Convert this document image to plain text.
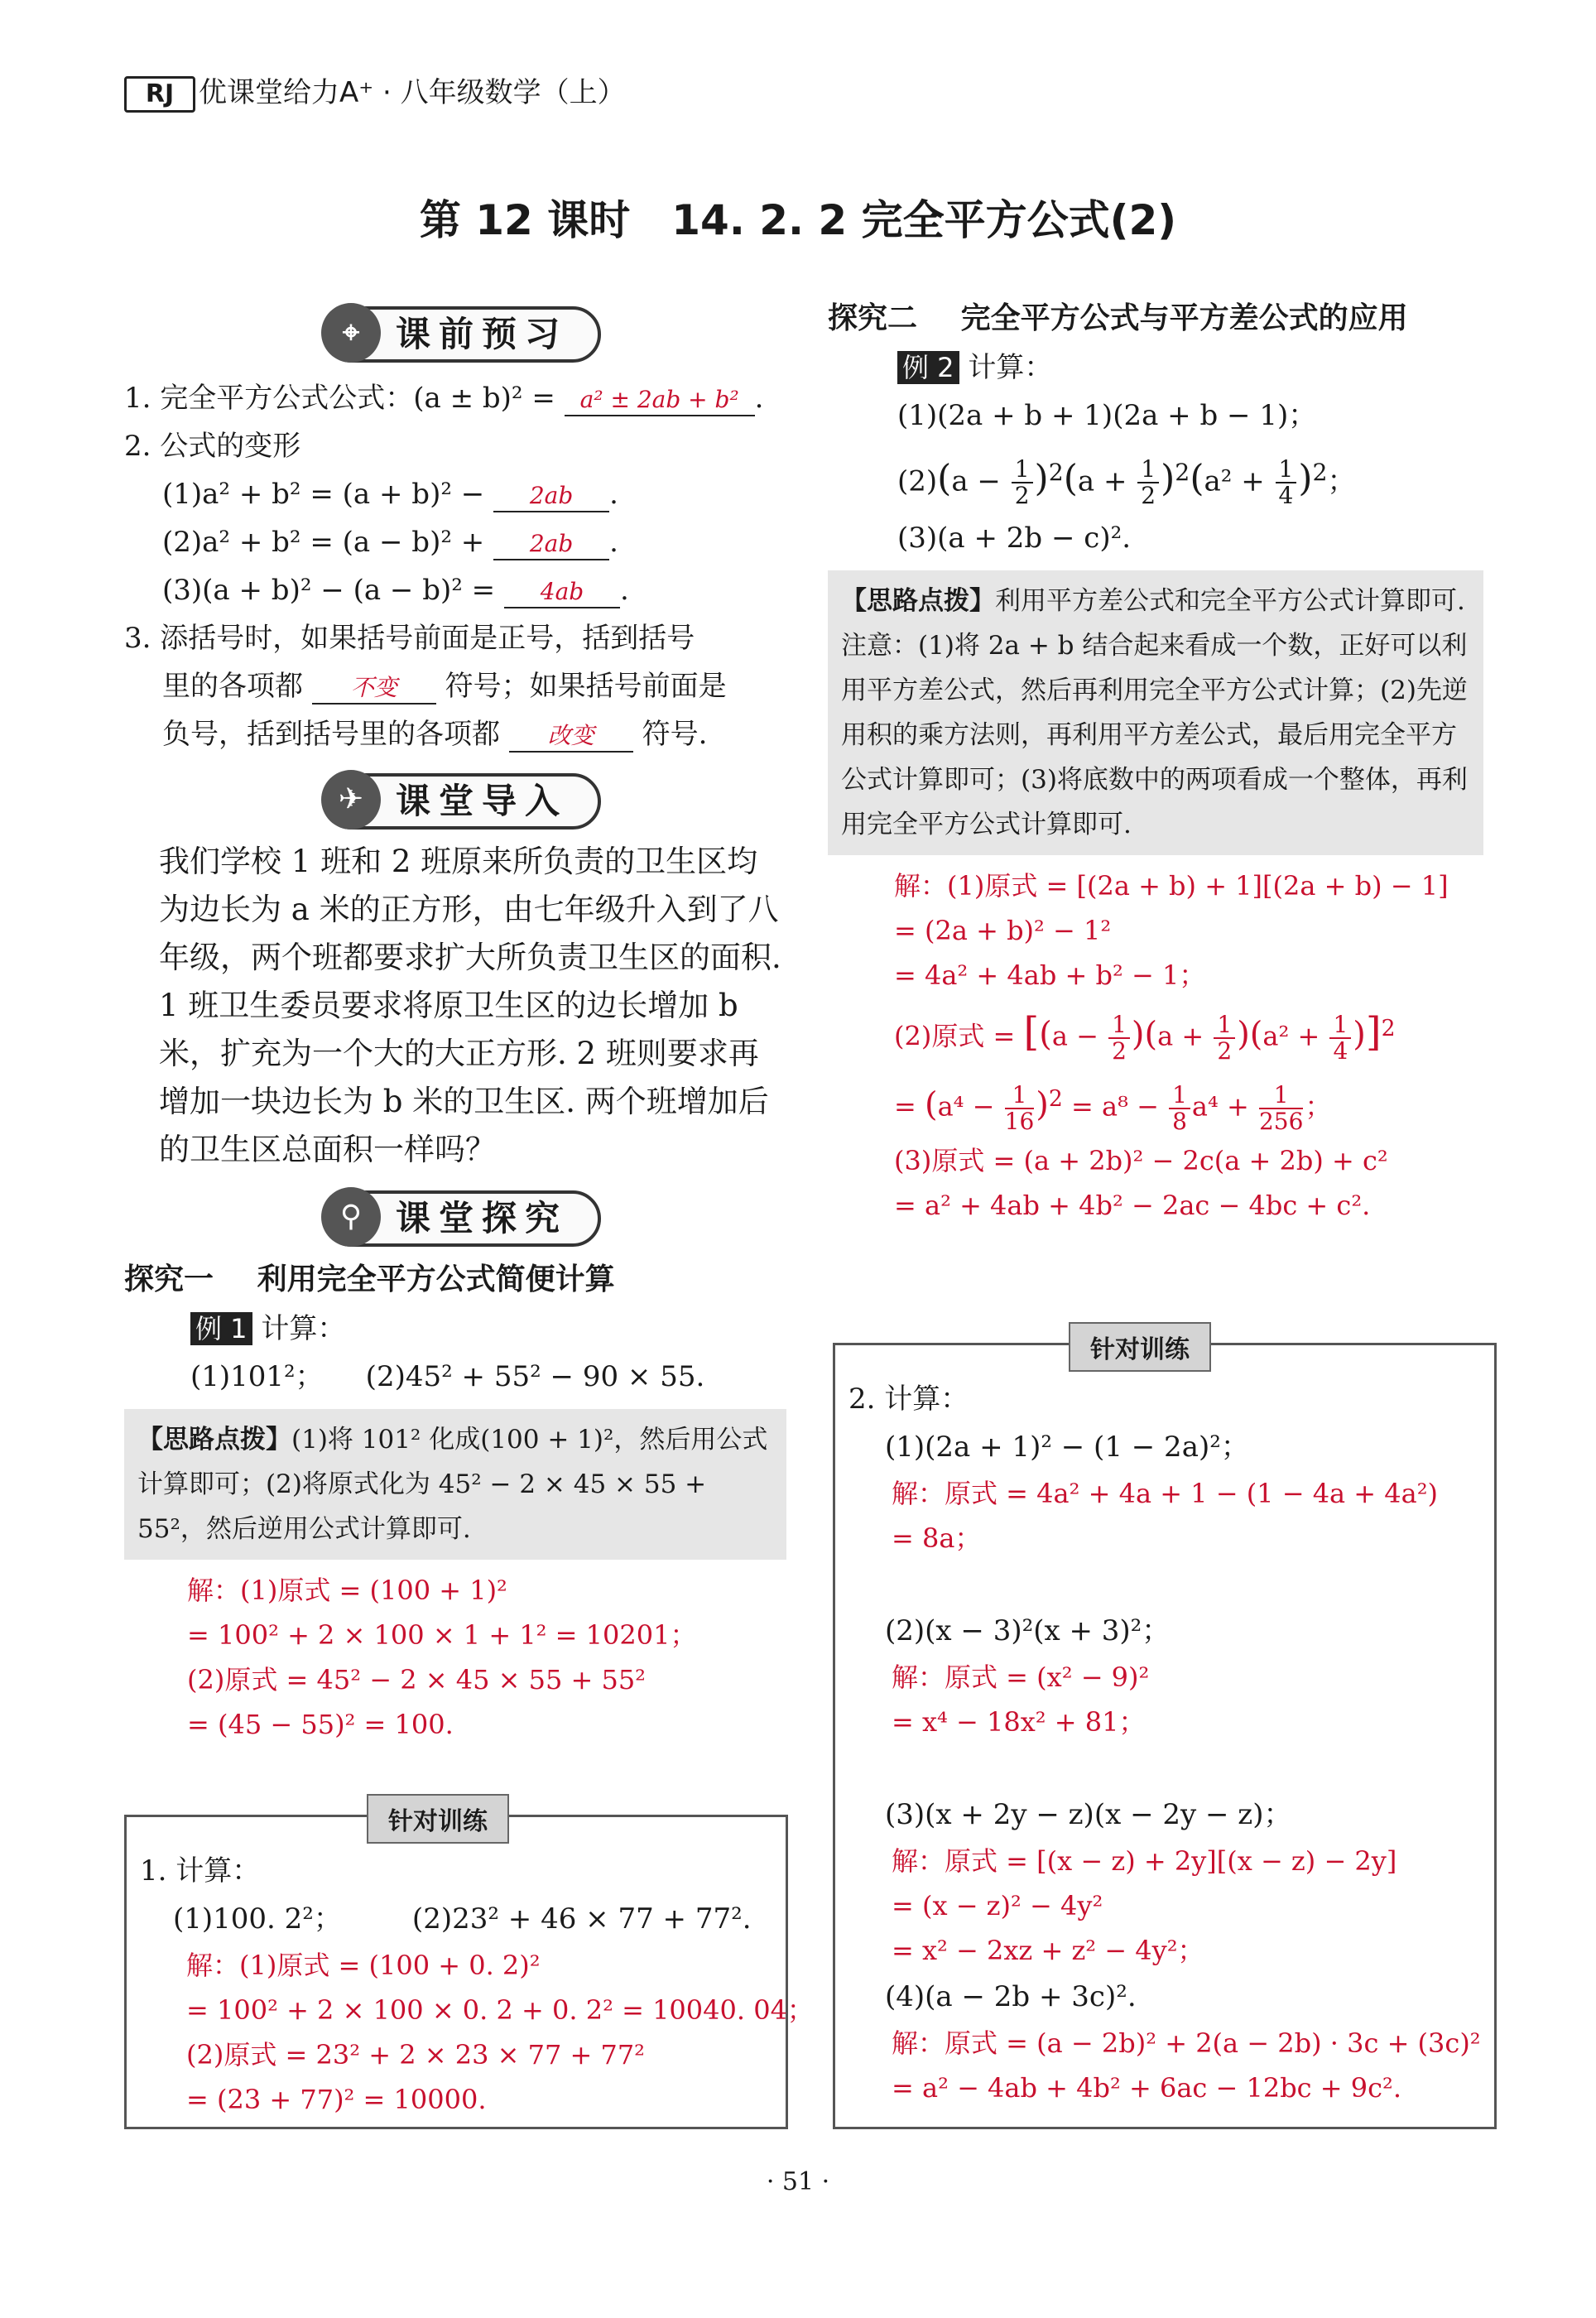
RJ 优课堂给力A⁺ · 八年级数学（上）
第 12 课时　14. 2. 2 完全平方公式(2)
⌖	课前预习
1. 完全平方公式公式：(a ± b)² = a² ± 2ab + b² .
2. 公式的变形
(1)a² + b² = (a + b)² − 2ab .
(2)a² + b² = (a − b)² + 2ab .
(3)(a + b)² − (a − b)² = 4ab .
3. 添括号时，如果括号前面是正号，括到括号
里的各项都 不变 符号；如果括号前面是
负号，括到括号里的各项都 改变 符号.
✈ 课堂导入
我们学校 1 班和 2 班原来所负责的卫生区均为边长为 a 米的正方形，由七年级升入到了八年级，两个班都要求扩大所负责卫生区的面积. 1 班卫生委员要求将原卫生区的边长增加 b 米，扩充为一个大的大正方形. 2 班则要求再增加一块边长为 b 米的卫生区. 两个班增加后的卫生区总面积一样吗？
⚲ 课堂探究
探究一 利用完全平方公式简便计算
例 1 计算：
(1)101²；　　(2)45² + 55² − 90 × 55.
【思路点拨】(1)将 101² 化成(100 + 1)²，然后用公式计算即可；(2)将原式化为 45² − 2 × 45 × 55 + 55²，然后逆用公式计算即可.
解：(1)原式 = (100 + 1)²
= 100² + 2 × 100 × 1 + 1² = 10201；
(2)原式 = 45² − 2 × 45 × 55 + 55²
= (45 − 55)² = 100.
针对训练
1. 计算：
(1)100. 2²；　　　(2)23² + 46 × 77 + 77².
解：(1)原式 = (100 + 0. 2)²
= 100² + 2 × 100 × 0. 2 + 0. 2² = 10040. 04；
(2)原式 = 23² + 2 × 23 × 77 + 77²
= (23 + 77)² = 10000.
探究二 完全平方公式与平方差公式的应用
例 2 计算：
(1)(2a + b + 1)(2a + b − 1)；
$(2)(a - \frac{1}{2} )^2(a + \frac{1}{2} )^2(a^2 + \frac{1}{4} )^2$；
(3)(a + 2b − c)².
【思路点拨】利用平方差公式和完全平方公式计算即可. 注意：(1)将 2a + b 结合起来看成一个数，正好可以利用平方差公式，然后再利用完全平方公式计算；(2)先逆用积的乘方法则，再利用平方差公式，最后用完全平方公式计算即可；(3)将底数中的两项看成一个整体，再利用完全平方公式计算即可.
解：(1)原式 = [(2a + b) + 1][(2a + b) − 1]
= (2a + b)² − 1²
= 4a² + 4ab + b² − 1；
(2)原式 = $[(a - \frac{1}{2} )(a + \frac{1}{2} )(a^2 + \frac{1}{4} )]^2$
= $(a^4 - \frac{1}{16} )^2 = a^8 - \frac{1}{8} a^4 + \frac{1}{256}$ ；
(3)原式 = (a + 2b)² − 2c(a + 2b) + c²
= a² + 4ab + 4b² − 2ac − 4bc + c².
针对训练
2. 计算：
(1)(2a + 1)² − (1 − 2a)²；
解：原式 = 4a² + 4a + 1 − (1 − 4a + 4a²)
= 8a；
(2)(x − 3)²(x + 3)²；
解：原式 = (x² − 9)²
= x⁴ − 18x² + 81；
(3)(x + 2y − z)(x − 2y − z)；
解：原式 = [(x − z) + 2y][(x − z) − 2y]
= (x − z)² − 4y²
= x² − 2xz + z² − 4y²；
(4)(a − 2b + 3c)².
解：原式 = (a − 2b)² + 2(a − 2b) · 3c + (3c)²
= a² − 4ab + 4b² + 6ac − 12bc + 9c².
· 51 ·
